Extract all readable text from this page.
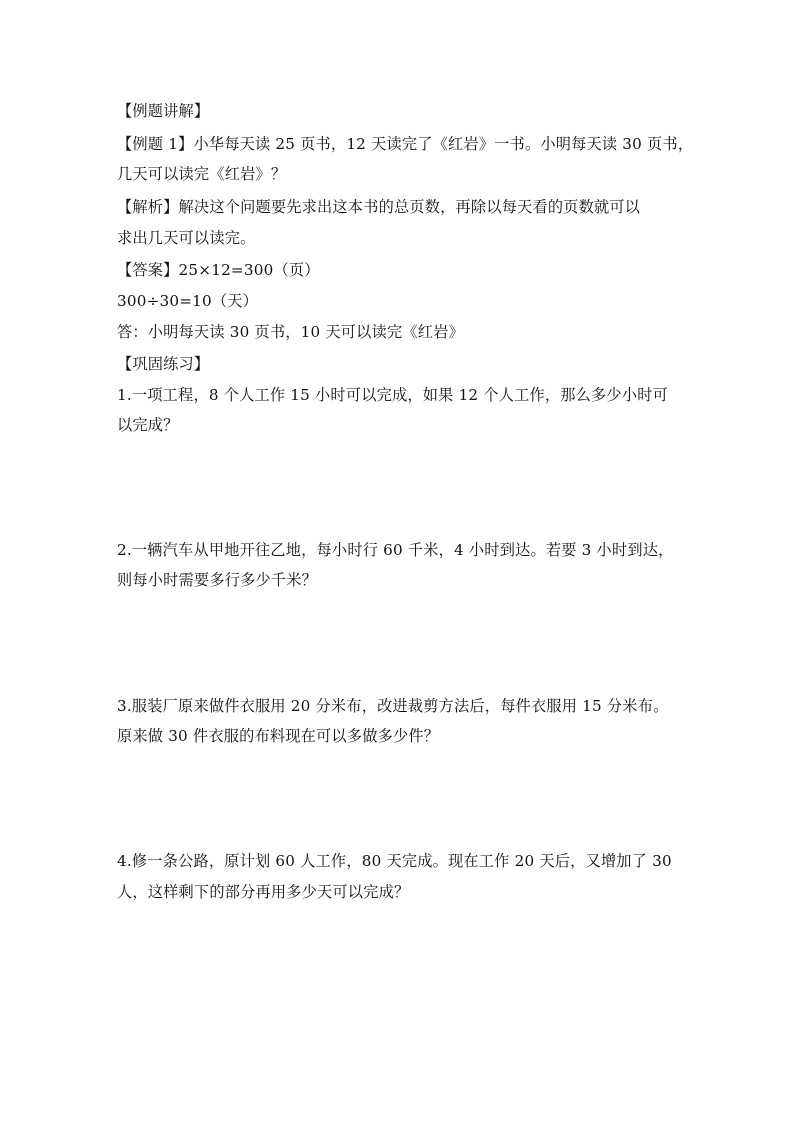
【例题讲解】
【例题 1】小华每天读 25 页书，12 天读完了《红岩》一书。小明每天读 30 页书，
几天可以读完《红岩》？
【解析】解决这个问题要先求出这本书的总页数，再除以每天看的页数就可以
求出几天可以读完。
【答案】25×12=300（页）
300÷30=10（天）
答：小明每天读 30 页书，10 天可以读完《红岩》
【巩固练习】
1.一项工程，8 个人工作 15 小时可以完成，如果 12 个人工作，那么多少小时可
以完成？
2.一辆汽车从甲地开往乙地，每小时行 60 千米，4 小时到达。若要 3 小时到达，
则每小时需要多行多少千米？
3.服装厂原来做件衣服用 20 分米布，改进裁剪方法后，每件衣服用 15 分米布。
原来做 30 件衣服的布料现在可以多做多少件？
4.修一条公路，原计划 60 人工作，80 天完成。现在工作 20 天后，又增加了 30
人，这样剩下的部分再用多少天可以完成？
